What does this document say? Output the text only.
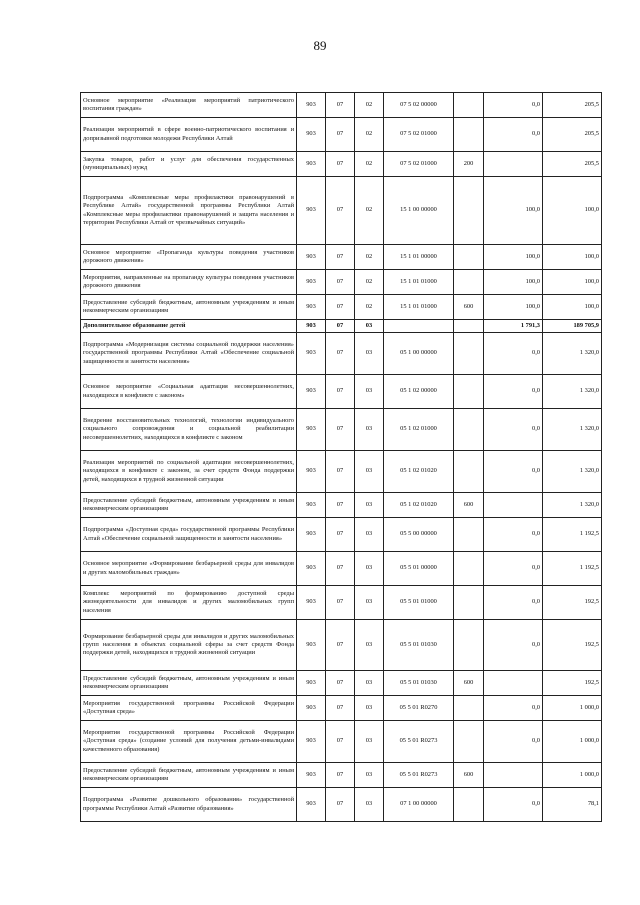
89
Основное мероприятие «Реализация мероприятий патриотического воспитания граждан»	903	07	02	07 5 02 00000		0,0	205,5
Реализация мероприятий в сфере военно-патриотического воспитания и допризывной подготовки молодежи Республики Алтай	903	07	02	07 5 02 01000		0,0	205,5
Закупка товаров, работ и услуг для обеспечения государственных (муниципальных) нужд	903	07	02	07 5 02 01000	200		205,5
Подпрограмма «Комплексные меры профилактики правонарушений в Республике Алтай» государственной программы Республики Алтай «Комплексные меры профилактики правонарушений и защита населения и территории Республики Алтай от чрезвычайных ситуаций»	903	07	02	15 1 00 00000		100,0	100,0
Основное мероприятие «Пропаганда культуры поведения участников дорожного движения»	903	07	02	15 1 01 00000		100,0	100,0
Мероприятия, направленные на пропаганду культуры поведения участников дорожного движения	903	07	02	15 1 01 01000		100,0	100,0
Предоставление субсидий бюджетным, автономным учреждениям и иным некоммерческим организациям	903	07	02	15 1 01 01000	600	100,0	100,0
Дополнительное образование детей	903	07	03			1 791,3	189 705,9
Подпрограмма «Модернизация системы социальной поддержки населения» государственной программы Республики Алтай «Обеспечение социальной защищенности и занятости населения»	903	07	03	05 1 00 00000		0,0	1 320,0
Основное мероприятие «Социальная адаптация несовершеннолетних, находящихся в конфликте с законом»	903	07	03	05 1 02 00000		0,0	1 320,0
Внедрение восстановительных технологий, технологии индивидуального социального сопровождения и социальной реабилитации несовершеннолетних, находящихся в конфликте с законом	903	07	03	05 1 02 01000		0,0	1 320,0
Реализация мероприятий по социальной адаптации несовершеннолетних, находящихся в конфликте с законом, за счет средств Фонда поддержки детей, находящихся в трудной жизненной ситуации	903	07	03	05 1 02 01020		0,0	1 320,0
Предоставление субсидий бюджетным, автономным учреждениям и иным некоммерческим организациям	903	07	03	05 1 02 01020	600		1 320,0
Подпрограмма «Доступная среда» государственной программы Республики Алтай «Обеспечение социальной защищенности и занятости населения»	903	07	03	05 5 00 00000		0,0	1 192,5
Основное мероприятие «Формирование безбарьерной среды для инвалидов и других маломобильных граждан»	903	07	03	05 5 01 00000		0,0	1 192,5
Комплекс мероприятий по формированию доступной среды жизнедеятельности для инвалидов и других маломобильных групп населения	903	07	03	05 5 01 01000		0,0	192,5
Формирование безбарьерной среды для инвалидов и других маломобильных групп населения в объектах социальной сферы за счет средств Фонда поддержки детей, находящихся в трудной жизненной ситуации	903	07	03	05 5 01 01030		0,0	192,5
Предоставление субсидий бюджетным, автономным учреждениям и иным некоммерческим организациям	903	07	03	05 5 01 01030	600		192,5
Мероприятия государственной программы Российской Федерации «Доступная среда»	903	07	03	05 5 01 R0270		0,0	1 000,0
Мероприятия государственной программы Российской Федерации «Доступная среда» (создание условий для получения детьми-инвалидами качественного образования)	903	07	03	05 5 01 R0273		0,0	1 000,0
Предоставление субсидий бюджетным, автономным учреждениям и иным некоммерческим организациям	903	07	03	05 5 01 R0273	600		1 000,0
Подпрограмма «Развитие дошкольного образования» государственной программы Республики Алтай «Развитие образования»	903	07	03	07 1 00 00000		0,0	78,1
